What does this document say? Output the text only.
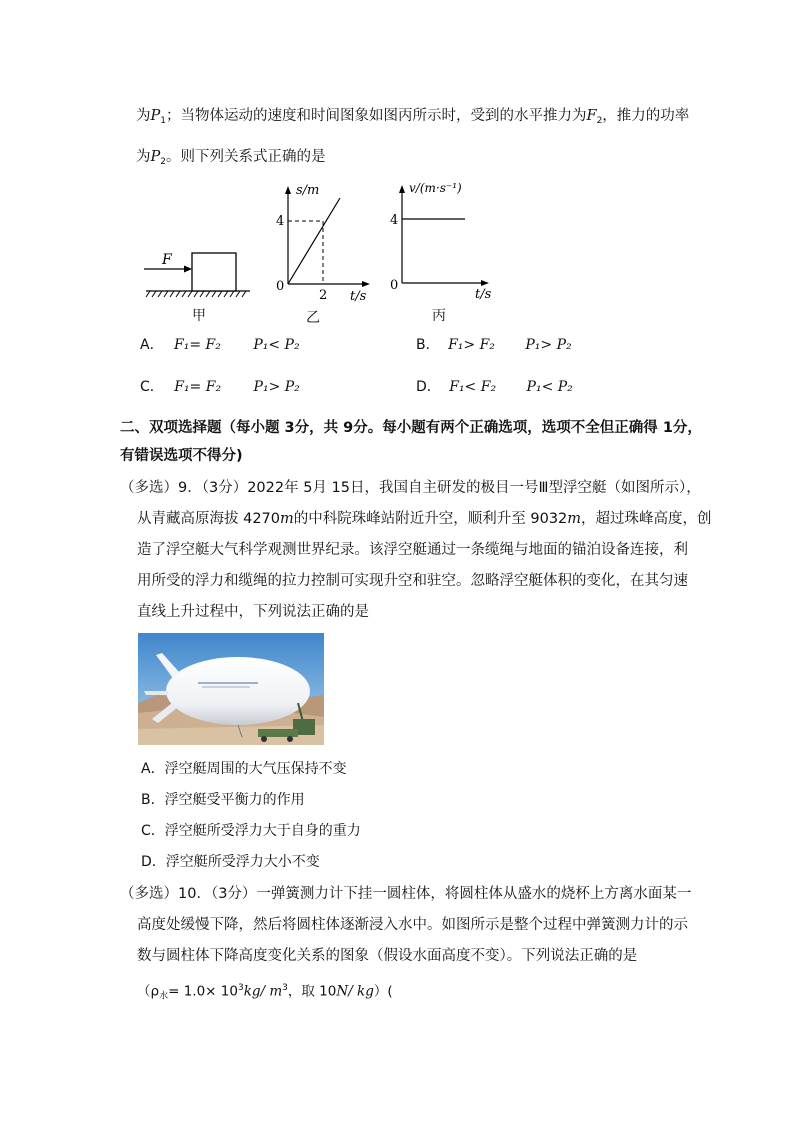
为$P_1$；当物体运动的速度和时间图象如图丙所示时，受到的水平推力为$F_2$，推力的功率
为$P_2$。则下列关系式正确的是
F
甲
4
0
2
s/m
t/s
乙
4
0
v/(m·s⁻¹)
t/s
丙
A． F₁= F₂ P₁< P₂	B． F₁> F₂ P₁> P₂
C． F₁= F₂ P₁> P₂	D． F₁< F₂ P₁< P₂
二、双项选择题（每小题 3分，共 9分。每小题有两个正确选项，选项不全但正确得 1分，
有错误选项不得分)
（多选）9．（3分）2022年 5月 15日，我国自主研发的极目一号Ⅲ型浮空艇（如图所示），
从青藏高原海拔 4270m的中科院珠峰站附近升空，顺利升至 9032m，超过珠峰高度，创
造了浮空艇大气科学观测世界纪录。该浮空艇通过一条缆绳与地面的锚泊设备连接，利
用所受的浮力和缆绳的拉力控制可实现升空和驻空。忽略浮空艇体积的变化，在其匀速
直线上升过程中，下列说法正确的是
A．浮空艇周围的大气压保持不变
B．浮空艇受平衡力的作用
C．浮空艇所受浮力大于自身的重力
D．浮空艇所受浮力大小不变
（多选）10．（3分）一弹簧测力计下挂一圆柱体，将圆柱体从盛水的烧杯上方离水面某一
高度处缓慢下降，然后将圆柱体逐渐浸入水中。如图所示是整个过程中弹簧测力计的示
数与圆柱体下降高度变化关系的图象（假设水面高度不变）。下列说法正确的是
（$\rho_水= 1.0\times 10^3kg/$ $m^3$，取 10N/ kg）(
